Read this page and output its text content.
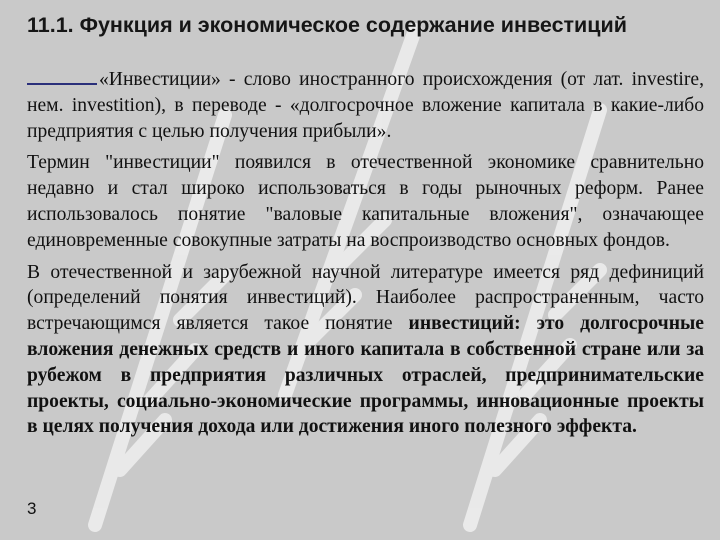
11.1. Функция и экономическое содержание инвестиций

«Инвестиции» - слово иностранного происхождения (от лат. investire, нем. investition), в переводе - «долгосрочное вложение капитала в какие-либо предприятия с целью получения прибыли».

Термин "инвестиции" появился в отечественной экономике сравнительно недавно и стал широко использоваться в годы рыночных реформ. Ранее использовалось понятие "валовые капитальные вложения", означающее единовременные совокупные затраты на воспроизводство основных фондов.

В отечественной и зарубежной научной литературе имеется ряд дефиниций (определений понятия инвестиций). Наиболее распространенным, часто встречающимся является такое понятие инвестиций: это долгосрочные вложения денежных средств и иного капитала в собственной стране или за рубежом в предприятия различных отраслей, предпринимательские проекты, социально-экономические программы, инновационные проекты в целях получения дохода или достижения иного полезного эффекта.

3
